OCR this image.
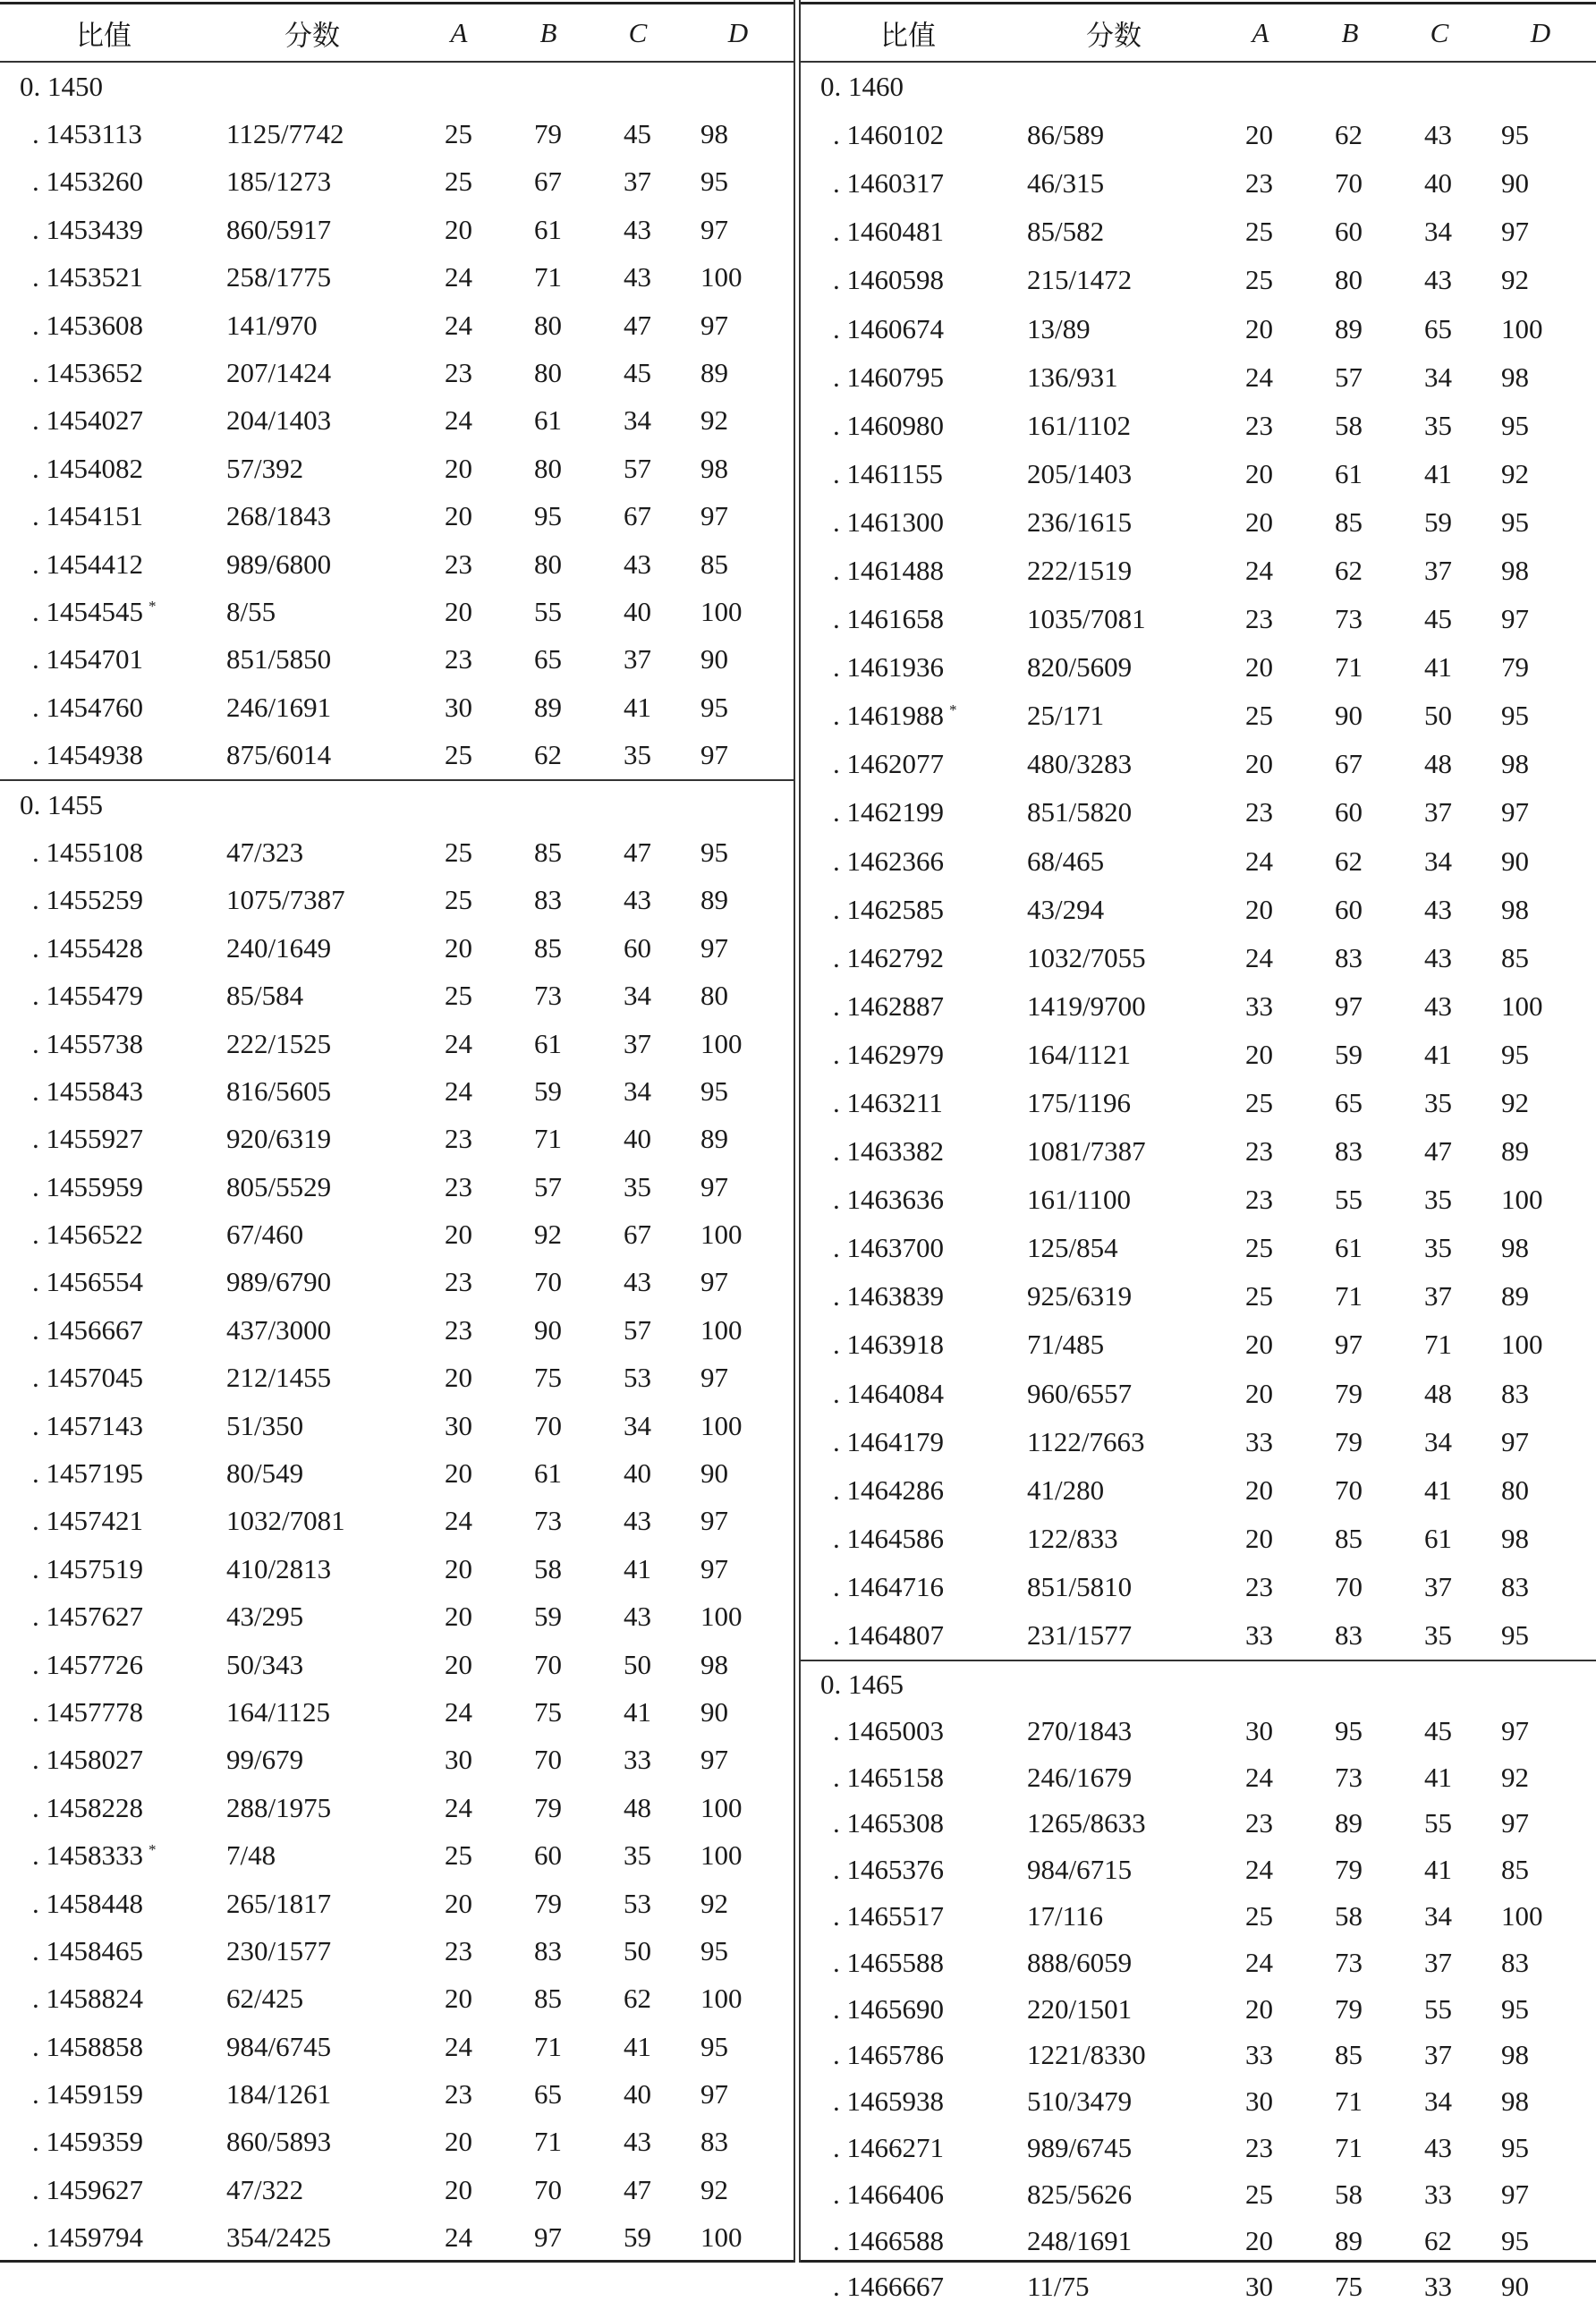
比值	分数	A	B	C	D
0. 1450
. 1453113	1125/7742	25 79 45 98
. 1453260	185/1273	25 67 37 95
. 1453439	860/5917	20 61 43 97
. 1453521	258/1775	24 71 43 100
. 1453608	141/970	24 80 47 97
. 1453652	207/1424	23 80 45 89
. 1454027	204/1403	24 61 34 92
. 1454082	57/392	20 80 57 98
. 1454151	268/1843	20 95 67 97
. 1454412	989/6800	23 80 43 85
. 1454545 *	8/55	20 55 40 100
. 1454701	851/5850	23 65 37 90
. 1454760	246/1691	30 89 41 95
. 1454938	875/6014	25 62 35 97
0. 1455
. 1455108	47/323	25 85 47 95
. 1455259	1075/7387	25 83 43 89
. 1455428	240/1649	20 85 60 97
. 1455479	85/584	25 73 34 80
. 1455738	222/1525	24 61 37 100
. 1455843	816/5605	24 59 34 95
. 1455927	920/6319	23 71 40 89
. 1455959	805/5529	23 57 35 97
. 1456522	67/460	20 92 67 100
. 1456554	989/6790	23 70 43 97
. 1456667	437/3000	23 90 57 100
. 1457045	212/1455	20 75 53 97
. 1457143	51/350	30 70 34 100
. 1457195	80/549	20 61 40 90
. 1457421	1032/7081	24 73 43 97
. 1457519	410/2813	20 58 41 97
. 1457627	43/295	20 59 43 100
. 1457726	50/343	20 70 50 98
. 1457778	164/1125	24 75 41 90
. 1458027	99/679	30 70 33 97
. 1458228	288/1975	24 79 48 100
. 1458333 *	7/48	25 60 35 100
. 1458448	265/1817	20 79 53 92
. 1458465	230/1577	23 83 50 95
. 1458824	62/425	20 85 62 100
. 1458858	984/6745	24 71 41 95
. 1459159	184/1261	23 65 40 97
. 1459359	860/5893	20 71 43 83
. 1459627	47/322	20 70 47 92
. 1459794	354/2425	24 97 59 100
比值	分数	A	B	C	D
0. 1460
. 1460102	86/589	20 62 43 95
. 1460317	46/315	23 70 40 90
. 1460481	85/582	25 60 34 97
. 1460598	215/1472	25 80 43 92
. 1460674	13/89	20 89 65 100
. 1460795	136/931	24 57 34 98
. 1460980	161/1102	23 58 35 95
. 1461155	205/1403	20 61 41 92
. 1461300	236/1615	20 85 59 95
. 1461488	222/1519	24 62 37 98
. 1461658	1035/7081	23 73 45 97
. 1461936	820/5609	20 71 41 79
. 1461988 *	25/171	25 90 50 95
. 1462077	480/3283	20 67 48 98
. 1462199	851/5820	23 60 37 97
. 1462366	68/465	24 62 34 90
. 1462585	43/294	20 60 43 98
. 1462792	1032/7055	24 83 43 85
. 1462887	1419/9700	33 97 43 100
. 1462979	164/1121	20 59 41 95
. 1463211	175/1196	25 65 35 92
. 1463382	1081/7387	23 83 47 89
. 1463636	161/1100	23 55 35 100
. 1463700	125/854	25 61 35 98
. 1463839	925/6319	25 71 37 89
. 1463918	71/485	20 97 71 100
. 1464084	960/6557	20 79 48 83
. 1464179	1122/7663	33 79 34 97
. 1464286	41/280	20 70 41 80
. 1464586	122/833	20 85 61 98
. 1464716	851/5810	23 70 37 83
. 1464807	231/1577	33 83 35 95
0. 1465
. 1465003	270/1843	30 95 45 97
. 1465158	246/1679	24 73 41 92
. 1465308	1265/8633	23 89 55 97
. 1465376	984/6715	24 79 41 85
. 1465517	17/116	25 58 34 100
. 1465588	888/6059	24 73 37 83
. 1465690	220/1501	20 79 55 95
. 1465786	1221/8330	33 85 37 98
. 1465938	510/3479	30 71 34 98
. 1466271	989/6745	23 71 43 95
. 1466406	825/5626	25 58 33 97
. 1466588	248/1691	20 89 62 95
. 1466667	11/75	30 75 33 90
